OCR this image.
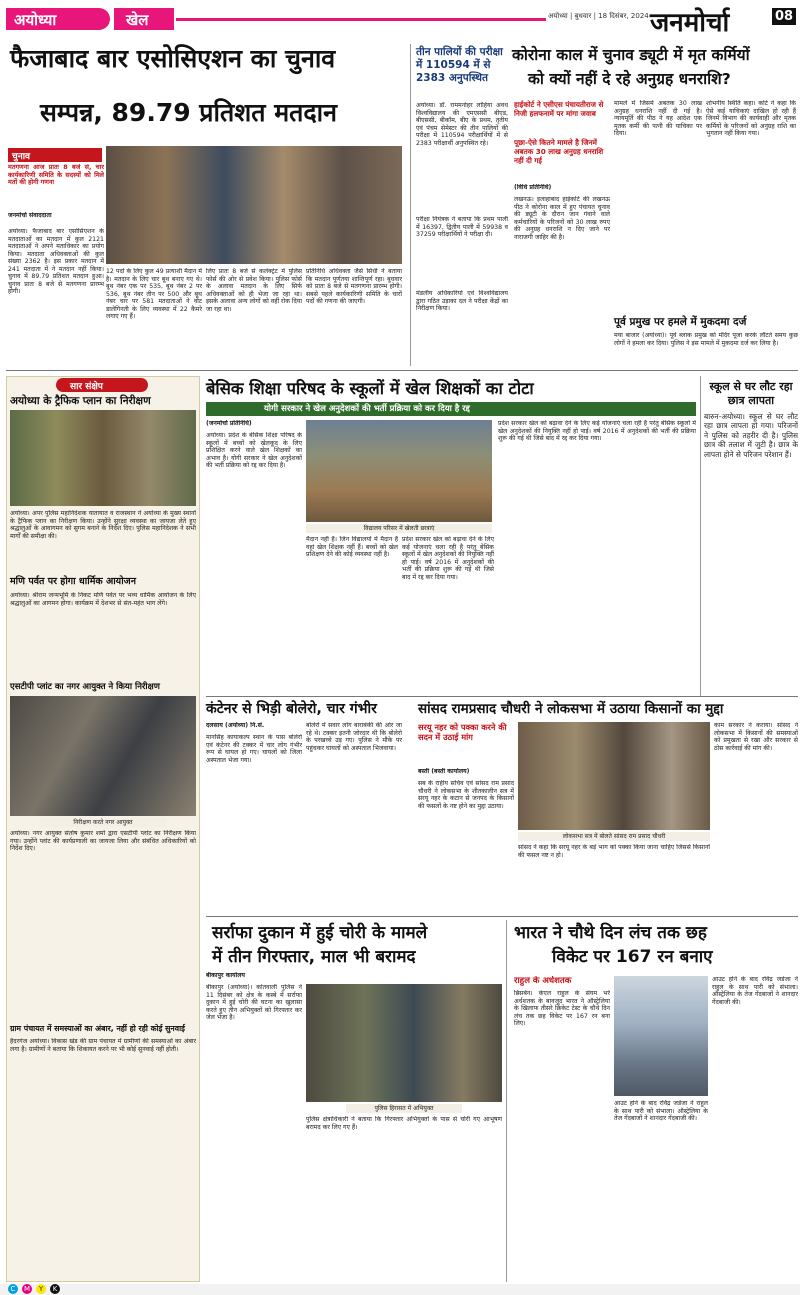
अयोध्या	खेल	अयोध्या | बुधवार | 18 दिसंबर, 2024 जनमोर्चा	08
फैजाबाद बार एसोसिएशन का चुनाव
सम्पन्न, 89.79 प्रतिशत मतदान
चुनाव
मतगणना आज प्रातः 8 बजे से, चार कार्यकारिणी समिति के सदस्यों को मिले मतों की होगी गणना
जनमोर्चा संवाददाता
अयोध्या। फैजाबाद बार एसोसिएशन के मतदाताओं का मतदान में कुल 2121 मतदाताओं ने अपने मताधिकार का प्रयोग किया। मतदाता अधिवक्ताओं की कुल संख्या 2362 है। इस प्रकार मतदान में 241 मतदाता में ने मतदान नहीं किया। चुनाव में 89.79 प्रतिशत मतदान हुआ। चुनाव प्रातः 8 बजे से मतगणना प्रारम्भ होगी।
12 पदों के लिए कुल 49 प्रत्याशी मैदान में है। मतदान के लिए चार बूथ बनाए गए थे। बूथ नंबर एक पर 535, बूथ नंबर 2 पर 536, बूथ नंबर तीन पर 500 और बूथ नंबर चार पर 581 मतदाताओं ने वोट डालेगिनती के लिए व्यवस्था में 22 कैमरे लगाए गए हैं।
लिए प्रातः 8 बजे से कलेक्ट्रेट में पुलिस फोर्स की ओर से प्रवेश किया। पुलिस फोर्स के अलावा मतदान के लिए सिर्फ अधिवक्ताओं को ही भेजा जा रहा था। इसके अलावा अन्य लोगों को वहीं रोक दिया जा रहा था।
प्रतिनिधि अधिवक्ता जैसे सिंधी ने बताया कि मतदान पूर्णतया शान्तिपूर्ण रहा। बुधवार को प्रातः 8 बजे से मतगणना प्रारम्भ होगी। सबसे पहले कार्यकारिणी समिति के चारों पदों की गणना की जाएगी।
तीन पालियों की परीक्षा में 110594 में से 2383 अनुपस्थित
अयोध्या। डॉ. राममनोहर लोहिया अवध विश्वविद्यालय की एमएससी बीएड, बीएससी, बीकॉम, बीए के प्रथम, तृतीय एवं पंचम सेमेस्टर की तीन पालियों की परीक्षा में 110594 परीक्षार्थियों में से 2383 परीक्षार्थी अनुपस्थित रहे।
परीक्षा नियंत्रक ने बताया कि प्रथम पाली में 16397, द्वितीय पाली में 59938 व 37259 परीक्षार्थियों ने परीक्षा दी।
मंडलीय अधिकारियों एवं विश्वविद्यालय द्वारा गठित उड़ाका दल ने परीक्षा केंद्रों का निरीक्षण किया।
कोरोना काल में चुनाव ड्यूटी में मृत कर्मियों
को क्यों नहीं दे रहे अनुग्रह धनराशि?
हाईकोर्ट ने एसीएस पंचायतीराज से निजी हलफनामें पर मांगा जवाब
पूछा-ऐसे कितने मामले है जिनमें अबतक 30 लाख अनुग्रह धनराशि नहीं दी गई
(विधि प्रतिनिधि)
लखनऊ। इलाहाबाद हाईकोर्ट की लखनऊ पीठ ने कोरोना काल में हुए पंचायत चुनाव की ड्यूटी के दौरान जान गंवाने वाले कर्मचारियों के परिजनों को 30 लाख रुपए की अनुग्रह धनराशि न दिए जाने पर नाराजगी जाहिर की है।
मामले में जिसमें अबतक 30 लाख अनुग्रह धनराशि नहीं दी गई है। न्यायमूर्ति की पीठ ने यह आदेश एक मृतक कर्मी की पत्नी की याचिका पर दिया।
शोभनीय स्थिति कहा। कोर्ट ने कहा कि ऐसे कई याचिकाएं दाखिल हो रही हैं जिनमें विभाग की कार्यवाही और मृतक कर्मियों के परिजनों को अनुग्रह राशि का भुगतान नहीं किया गया।
पूर्व प्रमुख पर हमले में मुकदमा दर्ज
मया बाजार (अयोध्या)। पूर्व ब्लाक प्रमुख को मंदिर पूजा करके लौटते समय कुछ लोगों ने हमला कर दिया। पुलिस ने इस मामले में मुकदमा दर्ज कर लिया है।
सार संक्षेप
अयोध्या के ट्रैफिक प्लान का निरीक्षण
अयोध्या। अपर पुलिस महानिदेशक यातायात व राजस्थान ने अयोध्या के मुख्य स्थानों के ट्रैफिक प्लान का निरीक्षण किया। उन्होंने सुरक्षा व्यवस्था का जायजा लेते हुए श्रद्धालुओं के आवागमन को सुगम बनाने के निर्देश दिए। पुलिस महानिदेशक ने सभी मार्गों की समीक्षा की।
मणि पर्वत पर होगा धार्मिक आयोजन
अयोध्या। श्रीराम जन्मभूमि के निकट मणि पर्वत पर भव्य धार्मिक आयोजन के लिए श्रद्धालुओं का आगमन होगा। कार्यक्रम में देशभर से संत-महंत भाग लेंगे।
एसटीपी प्लांट का नगर आयुक्त ने किया निरीक्षण
निरीक्षण करते नगर आयुक्त
अयोध्या। नगर आयुक्त संतोष कुमार शर्मा द्वारा एसटीपी प्लांट का निरीक्षण किया गया। उन्होंने प्लांट की कार्यप्रणाली का जायजा लिया और संबंधित अधिकारियों को निर्देश दिए।
ग्राम पंचायत में समस्याओं का अंबार, नहीं हो रही कोई सुनवाई
हैदरगंज अयोध्या। विकास खंड की ग्राम पंचायत में ग्रामीणों की समस्याओं का अंबार लगा है। ग्रामीणों ने बताया कि शिकायत करने पर भी कोई सुनवाई नहीं होती।
बेसिक शिक्षा परिषद के स्कूलों में खेल शिक्षकों का टोटा
योगी सरकार ने खेल अनुदेशकों की भर्ती प्रक्रिया को कर दिया है रद्द
(जनमोर्चा प्रतिनिधि)
अयोध्या। प्रदेश के बेसिक शिक्षा परिषद के स्कूलों में बच्चों को खेलकूद के लिए प्रशिक्षित करने वाले खेल शिक्षकों का अभाव है। योगी सरकार ने खेल अनुदेशकों की भर्ती प्रक्रिया को रद्द कर दिया है।
विद्यालय परिसर में खेलती छात्राएं
मैदान नहीं हैं। जिन विद्यालयों में मैदान हैं वहां खेल शिक्षक नहीं हैं। बच्चों को खेल प्रशिक्षण देने की कोई व्यवस्था नहीं है।
प्रदेश सरकार खेल को बढ़ावा देने के लिए कई योजनाएं चला रही है परंतु बेसिक स्कूलों में खेल अनुदेशकों की नियुक्ति नहीं हो पाई। वर्ष 2016 में अनुदेशकों की भर्ती की प्रक्रिया शुरू की गई थी जिसे बाद में रद्द कर दिया गया।
प्रदेश सरकार खेल को बढ़ावा देने के लिए कई योजनाएं चला रही है परंतु बेसिक स्कूलों में खेल अनुदेशकों की नियुक्ति नहीं हो पाई। वर्ष 2016 में अनुदेशकों की भर्ती की प्रक्रिया शुरू की गई थी जिसे बाद में रद्द कर दिया गया।
स्कूल से घर लौट रहा छात्र लापता
बारुन-अयोध्या। स्कूल से घर लौट रहा छात्र लापता हो गया। परिजनों ने पुलिस को तहरीर दी है। पुलिस छात्र की तलाश में जुटी है। छात्र के लापता होने से परिजन परेशान हैं।
कंटेनर से भिड़ी बोलेरो, चार गंभीर
दलसाय (अयोध्या) नि.सं.
मानसिंह कायाकल्प स्थान के पास बोलेरो एवं कंटेनर की टक्कर में चार लोग गंभीर रूप से घायल हो गए। घायलों को जिला अस्पताल भेजा गया।
बोलेरो में सवार लोग बाराबंकी की ओर जा रहे थे। टक्कर इतनी जोरदार थी कि बोलेरो के परखच्चे उड़ गए। पुलिस ने मौके पर पहुंचकर घायलों को अस्पताल भिजवाया।
सांसद रामप्रसाद चौधरी ने लोकसभा में उठाया किसानों का मुद्दा
सरयू नहर को पक्का करने की सदन में उठाई मांग
बस्ती (बस्ती कार्यालय)
सब के राहीय सचिव एवं सांसद राम प्रसाद चौधरी ने लोकसभा के शीतकालीन सत्र में सरयू नहर के कटान से जनपद के किसानों की फसलों के नष्ट होने का मुद्दा उठाया।
लोकसभा सत्र में बोलते सांसद राम प्रसाद चौधरी
सांसद ने कहा कि सरयू नहर के बड़े भाग को पक्का किया जाना चाहिए जिससे किसानों की फसल नष्ट न हो।
काम सरकार ने कराया। सांसद ने लोकसभा में किसानों की समस्याओं को प्रमुखता से रखा और सरकार से ठोस कार्रवाई की मांग की।
सर्राफा दुकान में हुई चोरी के मामले
में तीन गिरफ्तार, माल भी बरामद
बीकापुर कार्यालय
बीकापुर (अयोध्या)। कोतवाली पुलिस ने 11 दिसंबर को क्षेत्र के कस्बे में सर्राफा दुकान में हुई चोरी की घटना का खुलासा करते हुए तीन अभियुक्तों को गिरफ्तार कर जेल भेजा है।
पुलिस हिरासत में अभियुक्त
पुलिस क्षेत्राधिकारी ने बताया कि गिरफ्तार अभियुक्तों के पास से चोरी गए आभूषण बरामद कर लिए गए हैं।
भारत ने चौथे दिन लंच तक छह
विकेट पर 167 रन बनाए
राहुल के अर्धशतक
ब्रिसबेन। केएल राहुल के संयम भरे अर्धशतक के बावजूद भारत ने ऑस्ट्रेलिया के खिलाफ तीसरे क्रिकेट टेस्ट के चौथे दिन लंच तक छह विकेट पर 167 रन बना लिए।
आउट होने के बाद रविंद्र जडेजा ने राहुल के साथ पारी को संभाला। ऑस्ट्रेलिया के तेज गेंदबाजों ने शानदार गेंदबाजी की।
आउट होने के बाद रविंद्र जडेजा ने राहुल के साथ पारी को संभाला। ऑस्ट्रेलिया के तेज गेंदबाजों ने शानदार गेंदबाजी की।
C	M	Y	K
